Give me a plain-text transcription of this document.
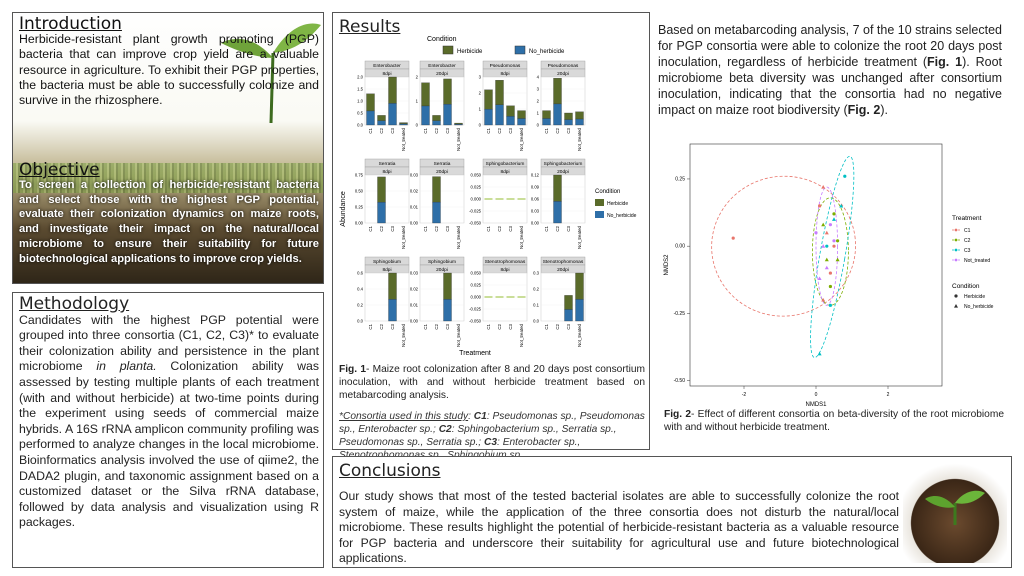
Introduction

Herbicide-resistant plant growth promoting (PGP) bacteria that can improve crop yield are a valuable resource in agriculture. To exhibit their PGP properties, the bacteria must be able to successfully colonize and survive in the rhizosphere.

Objective

To screen a collection of herbicide-resistant bacteria and select those with the highest PGP potential, evaluate their colonization dynamics on maize roots, and investigate their impact on the natural/local microbiome to ensure their suitability for future biotechnological applications to improve crop yields.

Methodology

Candidates with the highest PGP potential were grouped into three consortia (C1, C2, C3)* to evaluate their colonization ability and persistence in the plant microbiome in planta. Colonization ability was assessed by testing multiple plants of each treatment (with and without herbicide) at two-time points during the experiment using seeds of commercial maize hybrids. A 16S rRNA amplicon community profiling was performed to analyze changes in the local microbiome. Bioinformatics analysis involved the use of qiime2, the DADA2 plugin, and taxonomic assignment based on a customized dataset or the Silva rRNA database, followed by data analysis and visualization using R packages.

Results
Condition
Herbicide	No_herbicide
Condition
Herbicide
No_herbicide
Abundance
Treatment
Enterobacter
8dpi
0.0
0.5
1.0
1.5
2.0
C1 C2 C3 Not_treated
Enterobacter
20dpi
0
1
2
C1 C2 C3 Not_treated
Pseudomonas
8dpi
0
1
2
3
C1 C2 C3 Not_treated
Pseudomonas
20dpi
0
1
2
3
4
C1 C2 C3 Not_treated
Serratia
8dpi
0.00
0.25
0.50
0.75
C1 C2 C3 Not_treated
Serratia
20dpi
0.00
0.01
0.02
0.03
C1 C2 C3 Not_treated
Sphingobacterium
8dpi
-0.050
-0.025
0.000
0.025
0.050
C1 C2 C3 Not_treated
Sphingobacterium
20dpi
0.00
0.03
0.06
0.09
0.12
C1 C2 C3 Not_treated
Sphingobium
8dpi
0.0
0.2
0.4
0.6
C1 C2 C3 Not_treated
Sphingobium
20dpi
0.00
0.01
0.02
0.03
C1 C2 C3 Not_treated
Stenotrophomonas
8dpi
-0.050
-0.025
0.000
0.025
0.050
C1 C2 C3 Not_treated
Stenotrophomonas
20dpi
0.0
0.1
0.2
0.3
C1 C2 C3 Not_treated

Fig. 1- Maize root colonization after 8 and 20 days post consortium inoculation, with and without herbicide treatment based on metabarcoding analysis.

*Consortia used in this study: C1: Pseudomonas sp., Pseudomonas sp., Enterobacter sp.; C2: Sphingobacterium sp., Serratia sp., Pseudomonas sp., Serratia sp.; C3: Enterobacter sp.,

Based on metabarcoding analysis, 7 of the 10 strains selected for PGP consortia were able to colonize the root 20 days post inoculation, regardless of herbicide treatment (Fig. 1). Root microbiome beta diversity was unchanged after consortium inoculation, indicating that the consortia had no negative impact on maize root biodiversity (Fig. 2).

-2	0	2
0.25
0.00
-0.25
-0.50
NMDS1
NMDS2
Treatment
C1
C2
C3
Not_treated
Condition
Herbicide
No_herbicide

Fig. 2- Effect of different consortia on beta-diversity of the root microbiome with and without herbicide treatment.

Conclusions

Our study shows that most of the tested bacterial isolates are able to successfully colonize the root system of maize, while the application of the three consortia does not disturb the natural/local microbiome. These results highlight the potential of herbicide-resistant bacteria as a valuable resource for PGP bacteria and underscore their suitability for agricultural use and future biotechnological applications.
